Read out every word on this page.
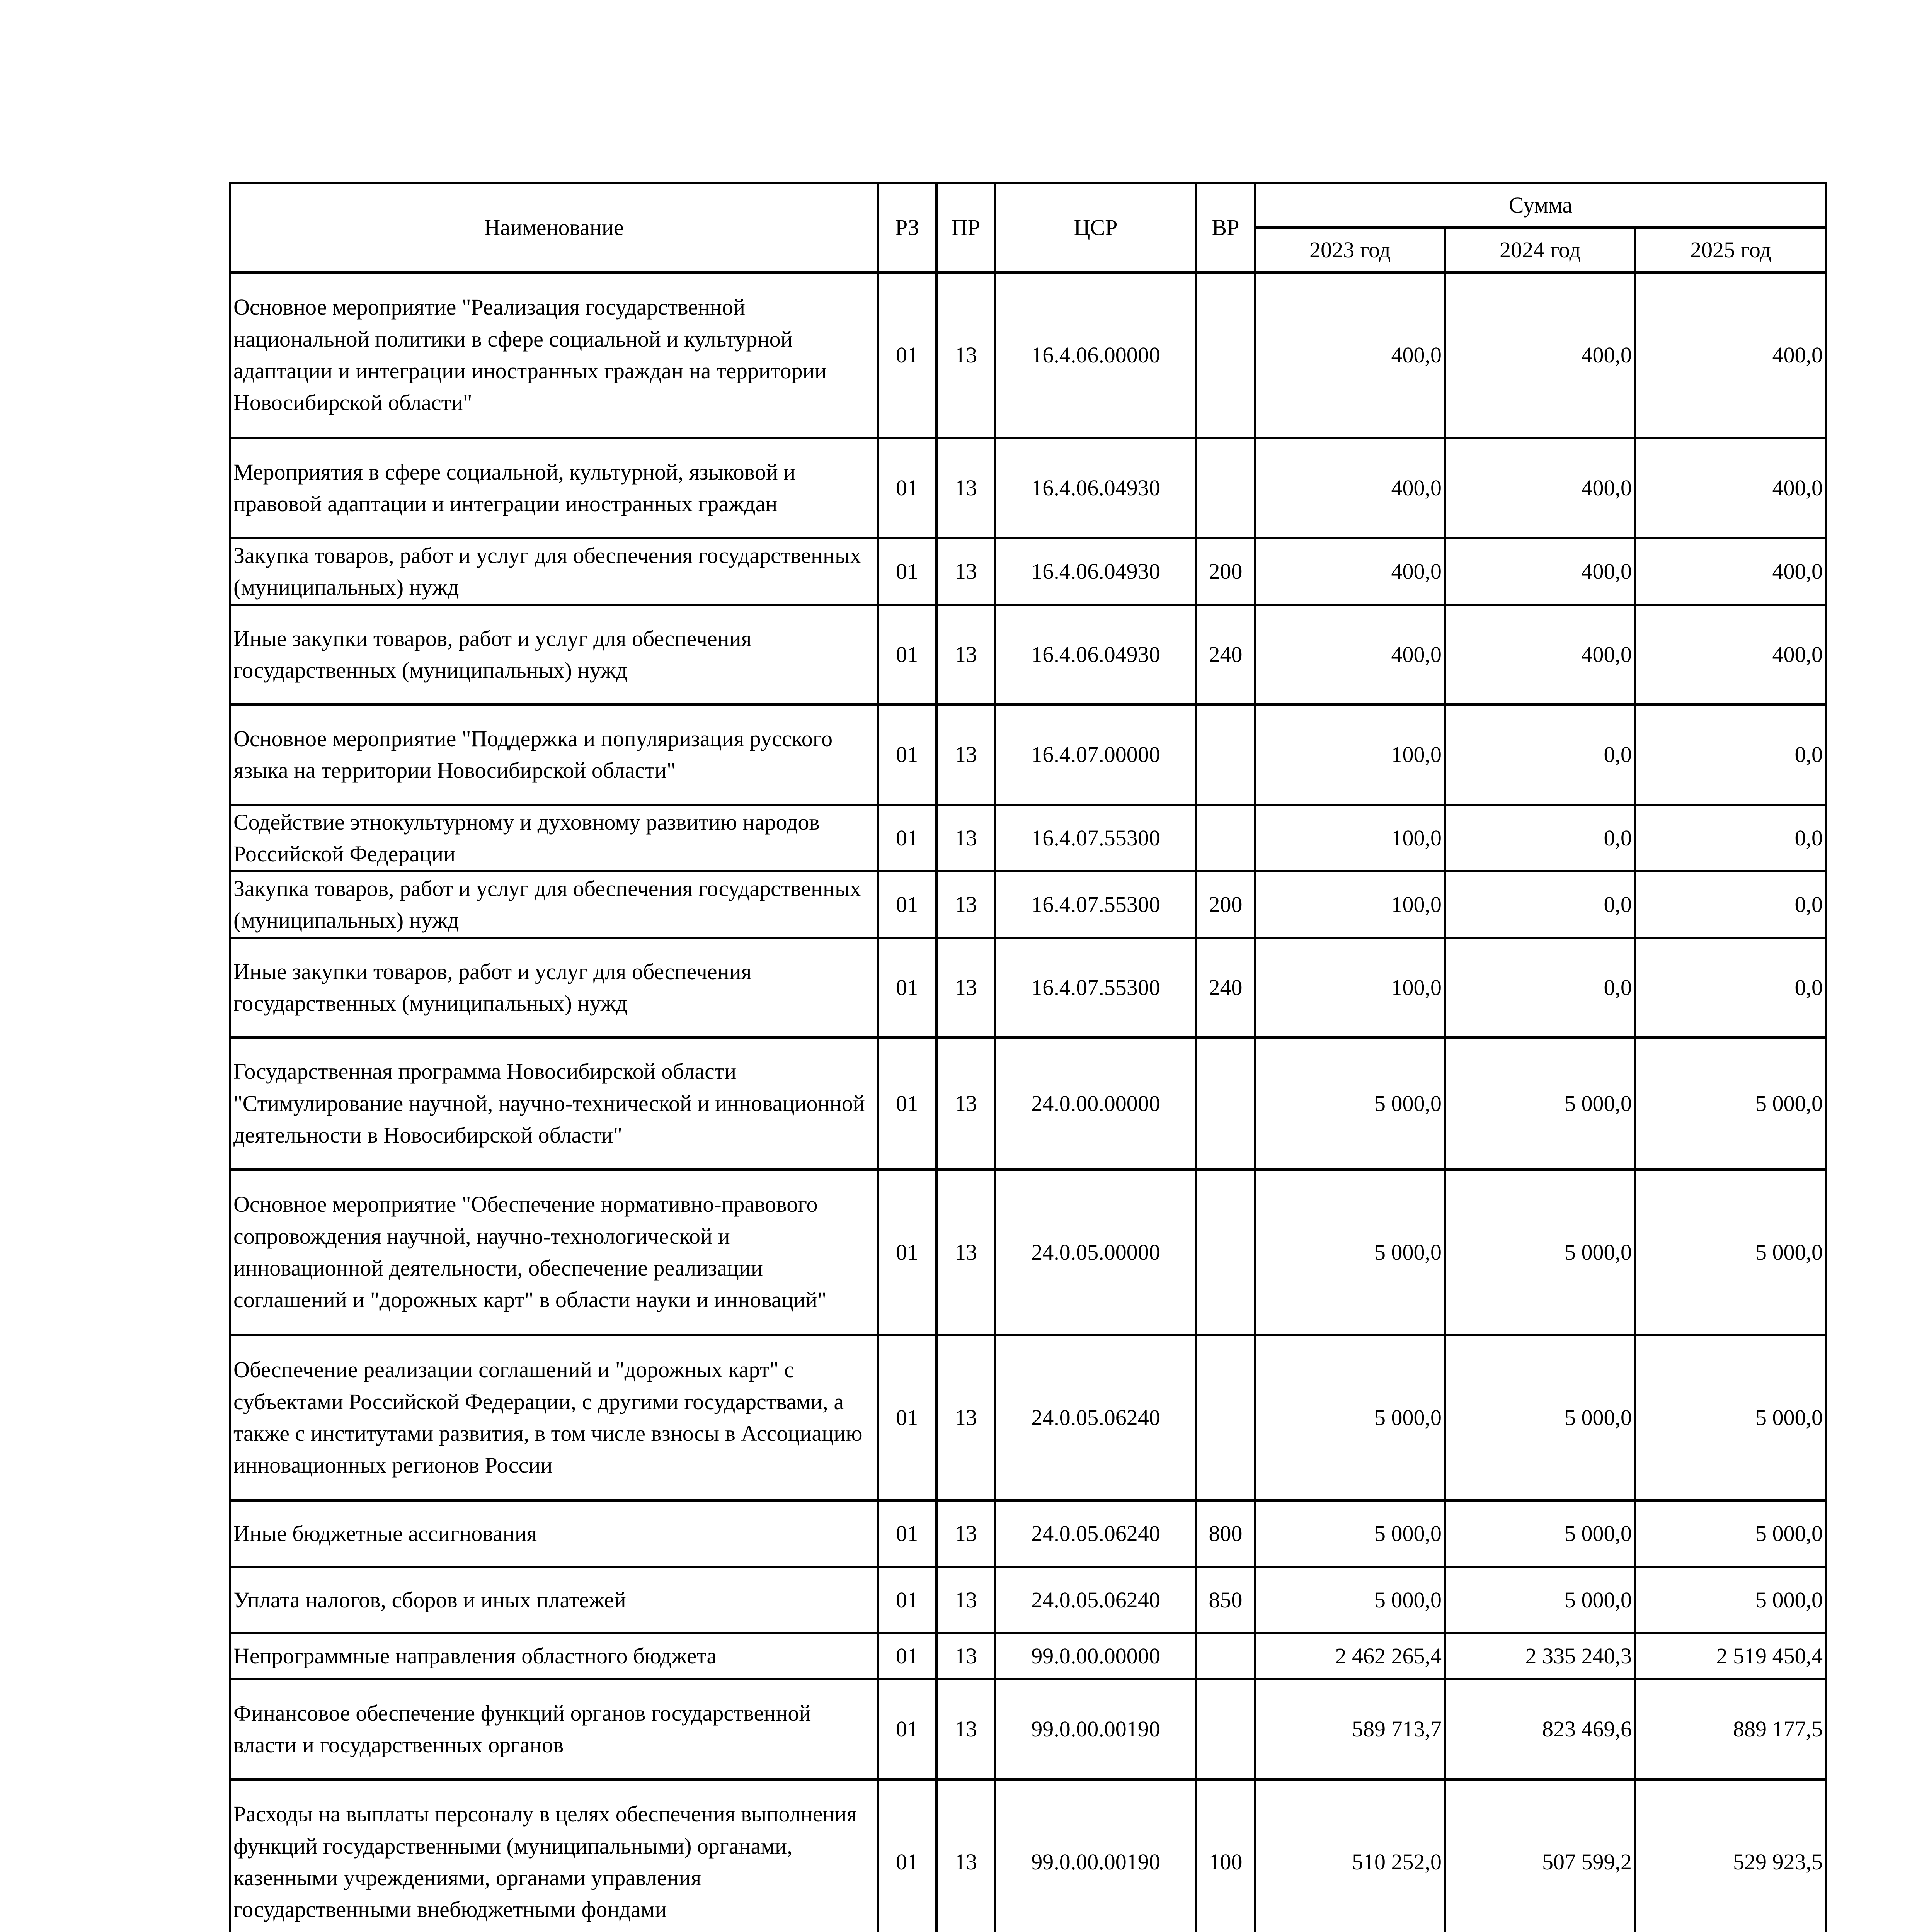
Наименование	РЗ	ПР	ЦСР	ВР	Сумма		
					2023 год	2024 год	2025 год
Основное мероприятие "Реализация государственной национальной политики в сфере социальной и культурной адаптации и интеграции иностранных граждан на территории Новосибирской области"	01	13	16.4.06.00000		400,0	400,0	400,0
Мероприятия в сфере социальной, культурной, языковой и правовой адаптации и интеграции иностранных граждан	01	13	16.4.06.04930		400,0	400,0	400,0
Закупка товаров, работ и услуг для обеспечения государственных (муниципальных) нужд	01	13	16.4.06.04930	200	400,0	400,0	400,0
Иные закупки товаров, работ и услуг для обеспечения государственных (муниципальных) нужд	01	13	16.4.06.04930	240	400,0	400,0	400,0
Основное мероприятие "Поддержка и популяризация русского языка на территории Новосибирской области"	01	13	16.4.07.00000		100,0	0,0	0,0
Содействие этнокультурному и духовному развитию народов Российской Федерации	01	13	16.4.07.55300		100,0	0,0	0,0
Закупка товаров, работ и услуг для обеспечения государственных (муниципальных) нужд	01	13	16.4.07.55300	200	100,0	0,0	0,0
Иные закупки товаров, работ и услуг для обеспечения государственных (муниципальных) нужд	01	13	16.4.07.55300	240	100,0	0,0	0,0
Государственная программа Новосибирской области "Стимулирование научной, научно-технической и инновационной деятельности в Новосибирской области"	01	13	24.0.00.00000		5 000,0	5 000,0	5 000,0
Основное мероприятие "Обеспечение нормативно-правового сопровождения научной, научно-технологической и инновационной деятельности, обеспечение реализации соглашений и "дорожных карт" в области науки и инноваций"	01	13	24.0.05.00000		5 000,0	5 000,0	5 000,0
Обеспечение реализации соглашений и "дорожных карт" с субъектами Российской Федерации, с другими государствами, а также с институтами развития, в том числе взносы в Ассоциацию инновационных регионов России	01	13	24.0.05.06240		5 000,0	5 000,0	5 000,0
Иные бюджетные ассигнования	01	13	24.0.05.06240	800	5 000,0	5 000,0	5 000,0
Уплата налогов, сборов и иных платежей	01	13	24.0.05.06240	850	5 000,0	5 000,0	5 000,0
Непрограммные направления областного бюджета	01	13	99.0.00.00000		2 462 265,4	2 335 240,3	2 519 450,4
Финансовое обеспечение функций органов государственной власти и государственных органов	01	13	99.0.00.00190		589 713,7	823 469,6	889 177,5
Расходы на выплаты персоналу в целях обеспечения выполнения функций государственными (муниципальными) органами, казенными учреждениями, органами управления государственными внебюджетными фондами	01	13	99.0.00.00190	100	510 252,0	507 599,2	529 923,5
